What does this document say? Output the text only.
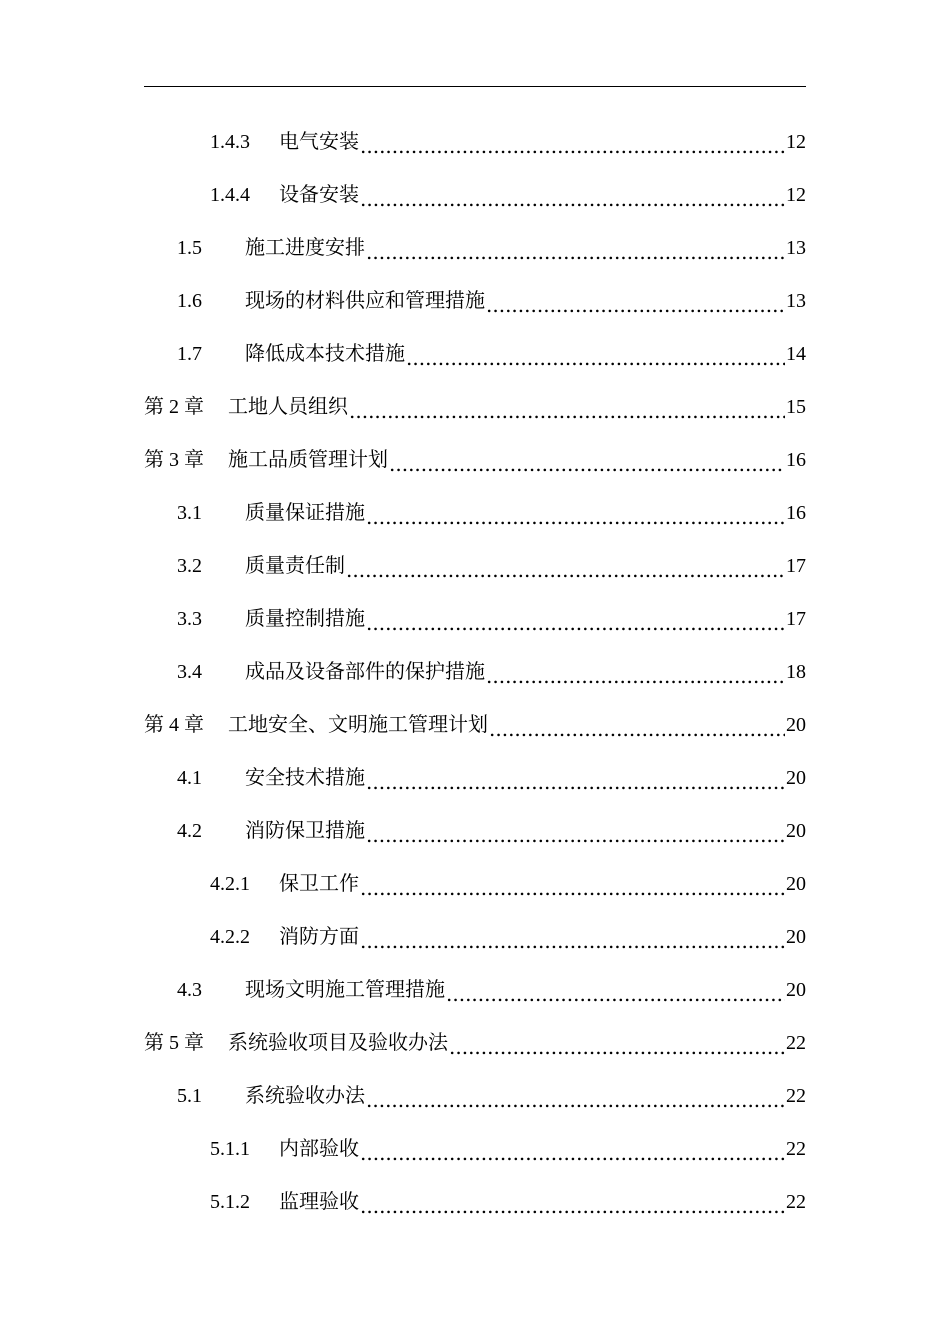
1.4.3	电气安装 .....	12
1.4.4	设备安装 .....	12
1.5	施工进度安排 .....	13
1.6	现场的材料供应和管理措施 .....	13
1.7	降低成本技术措施 .....	14
第 2 章	工地人员组织 .....	15
第 3 章	施工品质管理计划 .....	16
3.1	质量保证措施 .....	16
3.2	质量责任制 .....	17
3.3	质量控制措施 .....	17
3.4	成品及设备部件的保护措施 .....	18
第 4 章	工地安全、文明施工管理计划 .....	20
4.1	安全技术措施 .....	20
4.2	消防保卫措施 .....	20
4.2.1	保卫工作 .....	20
4.2.2	消防方面 .....	20
4.3	现场文明施工管理措施 .....	20
第 5 章	系统验收项目及验收办法 .....	22
5.1	系统验收办法 .....	22
5.1.1	内部验收 .....	22
5.1.2	监理验收 .....	22
